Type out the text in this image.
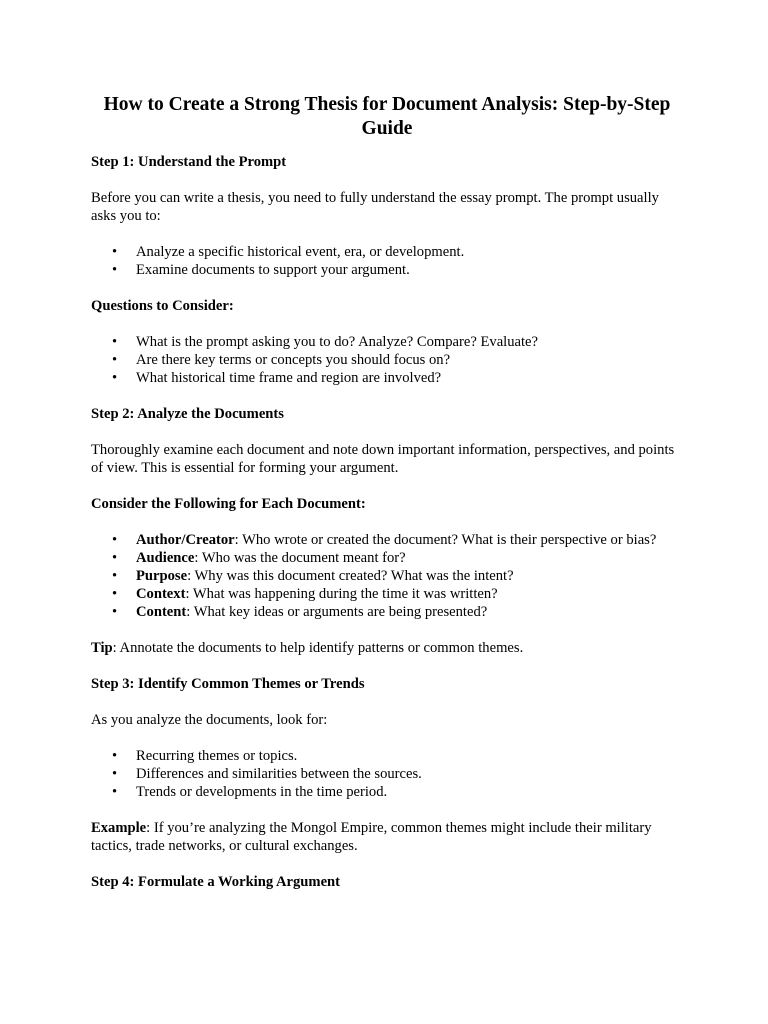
How to Create a Strong Thesis for Document Analysis: Step-by-Step Guide
Step 1: Understand the Prompt

Before you can write a thesis, you need to fully understand the essay prompt. The prompt usually asks you to:

• Analyze a specific historical event, era, or development.
• Examine documents to support your argument.
Questions to Consider:
• What is the prompt asking you to do? Analyze? Compare? Evaluate?
• Are there key terms or concepts you should focus on?
• What historical time frame and region are involved?
Step 2: Analyze the Documents

Thoroughly examine each document and note down important information, perspectives, and points of view. This is essential for forming your argument.

Consider the Following for Each Document:
• Author/Creator: Who wrote or created the document? What is their perspective or bias?
• Audience: Who was the document meant for?
• Purpose: Why was this document created? What was the intent?
• Context: What was happening during the time it was written?
• Content: What key ideas or arguments are being presented?

Tip: Annotate the documents to help identify patterns or common themes.

Step 3: Identify Common Themes or Trends

As you analyze the documents, look for:

• Recurring themes or topics.
• Differences and similarities between the sources.
• Trends or developments in the time period.

Example: If you’re analyzing the Mongol Empire, common themes might include their military tactics, trade networks, or cultural exchanges.

Step 4: Formulate a Working Argument
